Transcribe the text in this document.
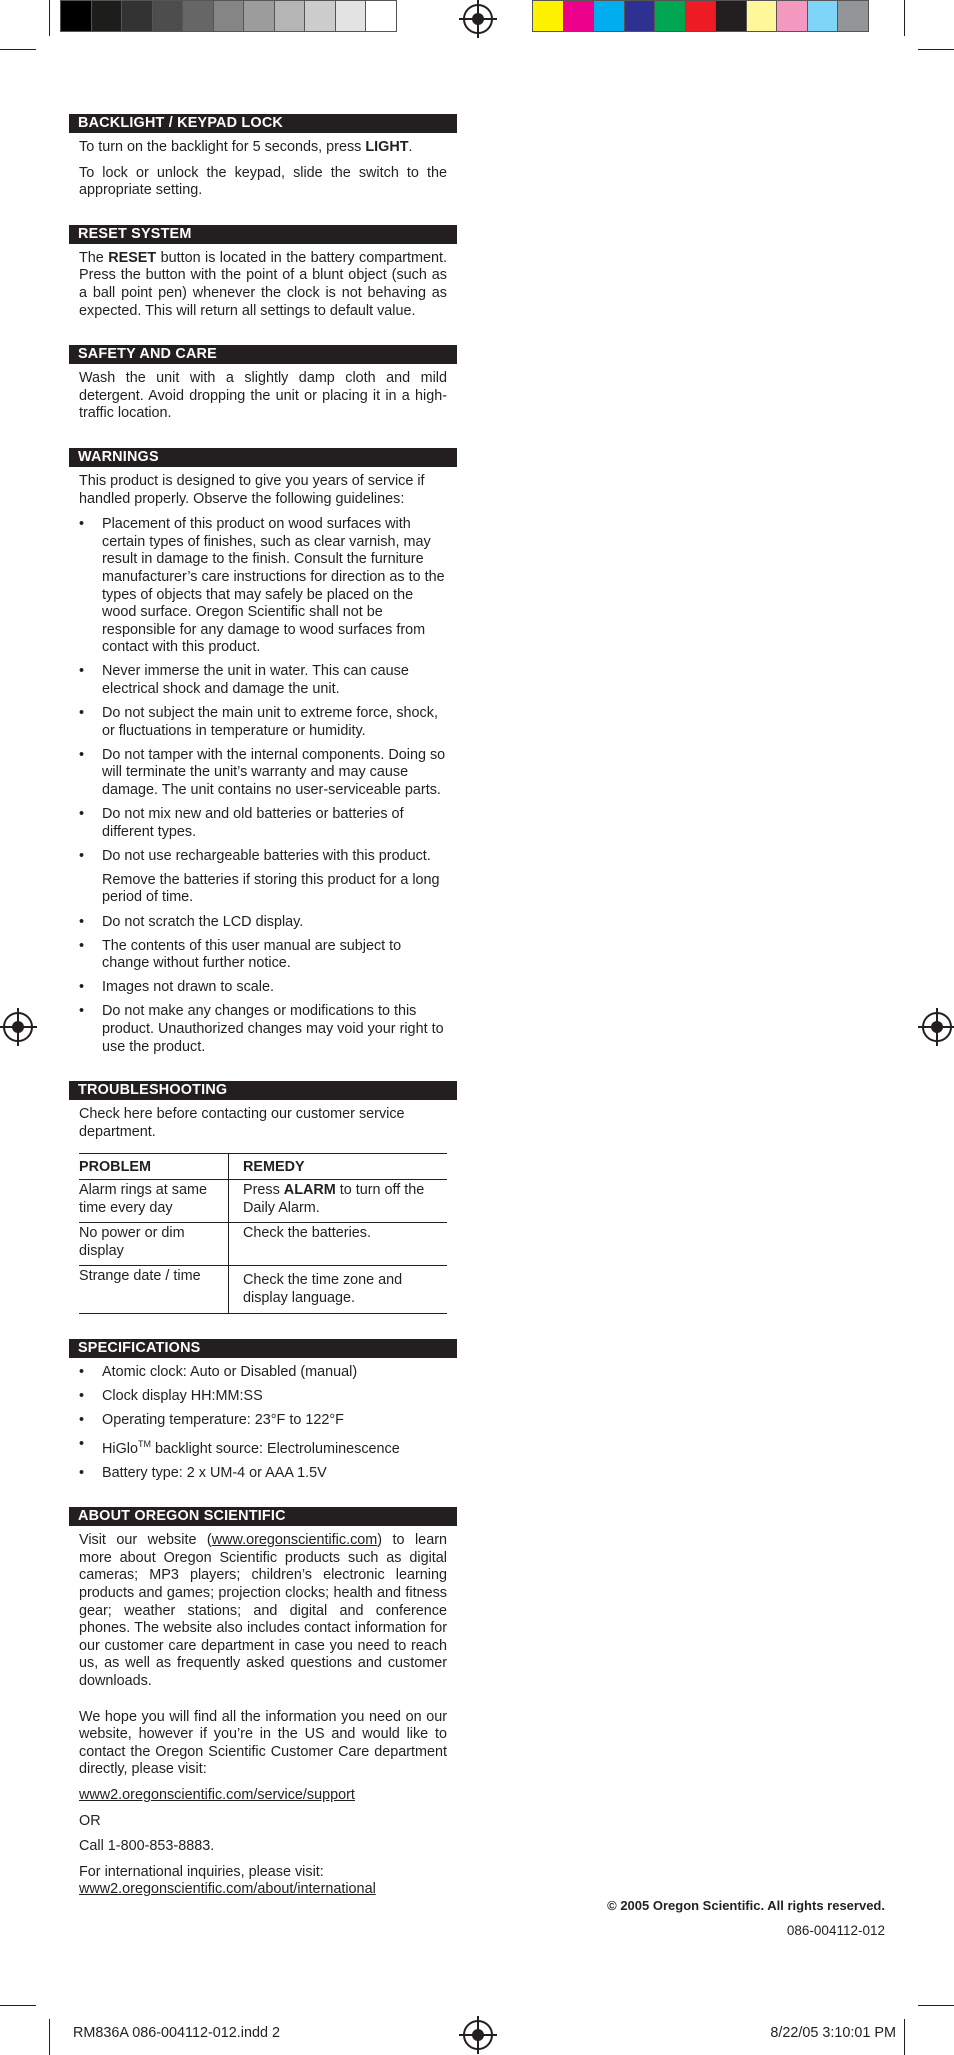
BACKLIGHT / KEYPAD LOCK

To turn on the backlight for 5 seconds, press LIGHT.

To lock or unlock the keypad, slide the switch to the appropriate setting.

RESET SYSTEM

The RESET button is located in the battery compartment. Press the button with the point of a blunt object (such as a ball point pen) whenever the clock is not behaving as expected. This will return all settings to default value.

SAFETY AND CARE

Wash the unit with a slightly damp cloth and mild detergent. Avoid dropping the unit or placing it in a high-traffic location.

WARNINGS

This product is designed to give you years of service if handled properly. Observe the following guidelines:

• Placement of this product on wood surfaces with certain types of finishes, such as clear varnish, may result in damage to the finish. Consult the furniture manufacturer’s care instructions for direction as to the types of objects that may safely be placed on the wood surface. Oregon Scientific shall not be responsible for any damage to wood surfaces from contact with this product.
• Never immerse the unit in water. This can cause electrical shock and damage the unit.
• Do not subject the main unit to extreme force, shock, or fluctuations in temperature or humidity.
• Do not tamper with the internal components. Doing so will terminate the unit’s warranty and may cause damage. The unit contains no user-serviceable parts.
• Do not mix new and old batteries or batteries of different types.
• Do not use rechargeable batteries with this product.
Remove the batteries if storing this product for a long period of time.
• Do not scratch the LCD display.
• The contents of this user manual are subject to change without further notice.
• Images not drawn to scale.
• Do not make any changes or modifications to this product. Unauthorized changes may void your right to use the product.
TROUBLESHOOTING

Check here before contacting our customer service department.

PROBLEM	REMEDY
Alarm rings at same time every day	Press ALARM to turn off the Daily Alarm.
No power or dim display	Check the batteries.
Strange date / time	Check the time zone and display language.
SPECIFICATIONS
• Atomic clock: Auto or Disabled (manual)
• Clock display HH:MM:SS
• Operating temperature: 23°F to 122°F
• HiGlo™ backlight source: Electroluminescence
• Battery type: 2 x UM-4 or AAA 1.5V
ABOUT OREGON SCIENTIFIC

Visit our website (www.oregonscientific.com) to learn more about Oregon Scientific products such as digital cameras; MP3 players; children’s electronic learning products and games; projection clocks; health and fitness gear; weather stations; and digital and conference phones. The website also includes contact information for our customer care department in case you need to reach us, as well as frequently asked questions and customer downloads.

We hope you will find all the information you need on our website, however if you’re in the US and would like to contact the Oregon Scientific Customer Care department directly, please visit:

www2.oregonscientific.com/service/support

OR

Call 1-800-853-8883.

For international inquiries, please visit:

www2.oregonscientific.com/about/international

© 2005 Oregon Scientific. All rights reserved.
086-004112-012
RM836A 086-004112-012.indd 2	8/22/05 3:10:01 PM
